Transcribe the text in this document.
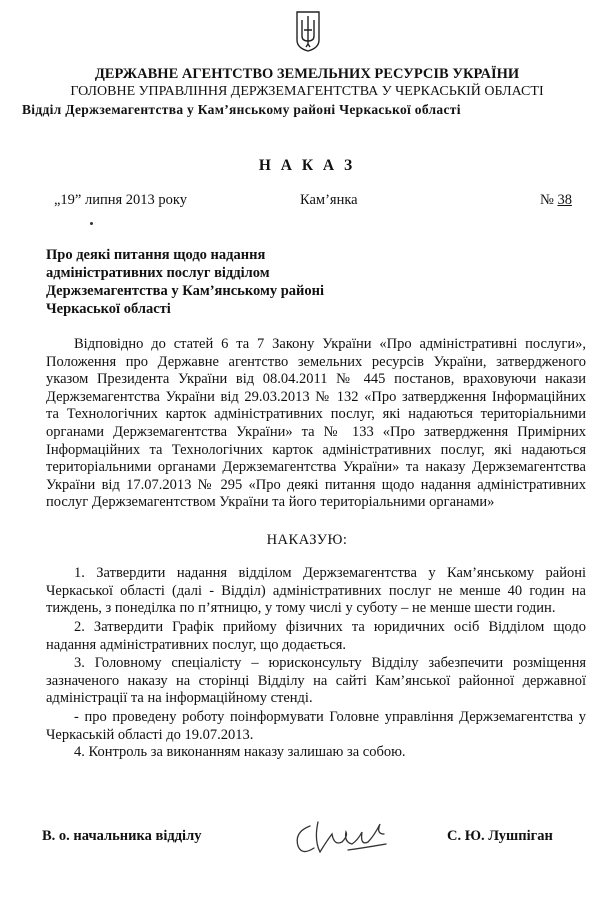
ДЕРЖАВНЕ АГЕНТСТВО ЗЕМЕЛЬНИХ РЕСУРСІВ УКРАЇНИ
ГОЛОВНЕ УПРАВЛІННЯ ДЕРЖЗЕМАГЕНТСТВА У ЧЕРКАСЬКІЙ ОБЛАСТІ
Відділ Держземагентства у Кам’янському районі Черкаської області
Н А К А З
„19” липня 2013 року	Кам’янка	№ 38
Про деякі питання щодо надання
адміністративних послуг відділом
Держземагентства у Кам’янському районі
Черкаської області
Відповідно до статей 6 та 7 Закону України «Про адміністративні послуги»,
Положення про Державне агентство земельних ресурсів України, затвердженого
указом Президента України від 08.04.2011 № 445 постанов, враховуючи накази
Держземагентства України від 29.03.2013 № 132 «Про затвердження Інформаційних
та Технологічних карток адміністративних послуг, які надаються територіальними
органами Держземагентства України» та № 133 «Про затвердження Примірних
Інформаційних та Технологічних карток адміністративних послуг, які надаються
територіальними органами Держземагентства України» та наказу Держземагентства
України від 17.07.2013 № 295 «Про деякі питання щодо надання адміністративних
послуг Держземагентством України та його територіальними органами»
НАКАЗУЮ:
1. Затвердити надання відділом Держземагентства у Кам’янському районі
Черкаської області (далі - Відділ) адміністративних послуг не менше 40 годин на
тиждень, з понеділка по п’ятницю, у тому числі у суботу – не менше шести годин.
2. Затвердити Графік прийому фізичних та юридичних осіб Відділом щодо
надання адміністративних послуг, що додається.
3. Головному спеціалісту – юрисконсульту Відділу забезпечити розміщення
зазначеного наказу на сторінці Відділу на сайті Кам’янської районної державної
адміністрації та на інформаційному стенді.
- про проведену роботу поінформувати Головне управління Держземагентства у
Черкаській області до 19.07.2013.
4. Контроль за виконанням наказу залишаю за собою.
В. о. начальника відділу	С. Ю. Лушпіган
